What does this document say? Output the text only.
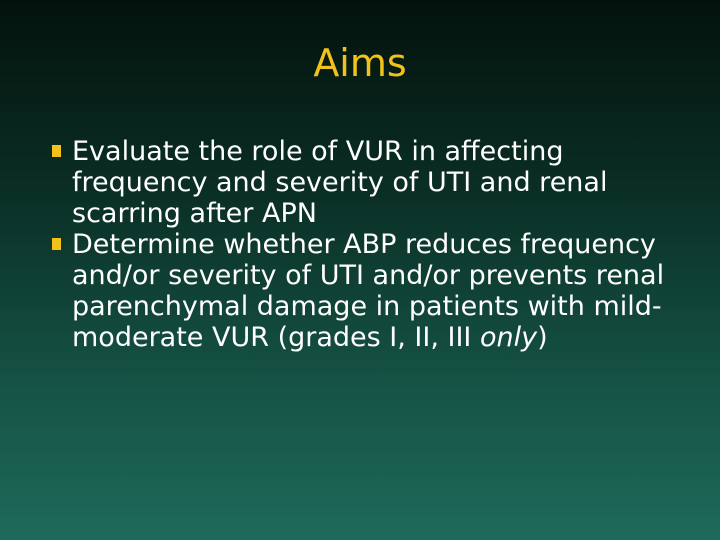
Aims
Evaluate the role of VUR in affecting frequency and severity of UTI and renal scarring after APN
Determine whether ABP reduces frequency and/or severity of UTI and/or prevents renal parenchymal damage in patients with mild-moderate VUR (grades I, II, III only)
